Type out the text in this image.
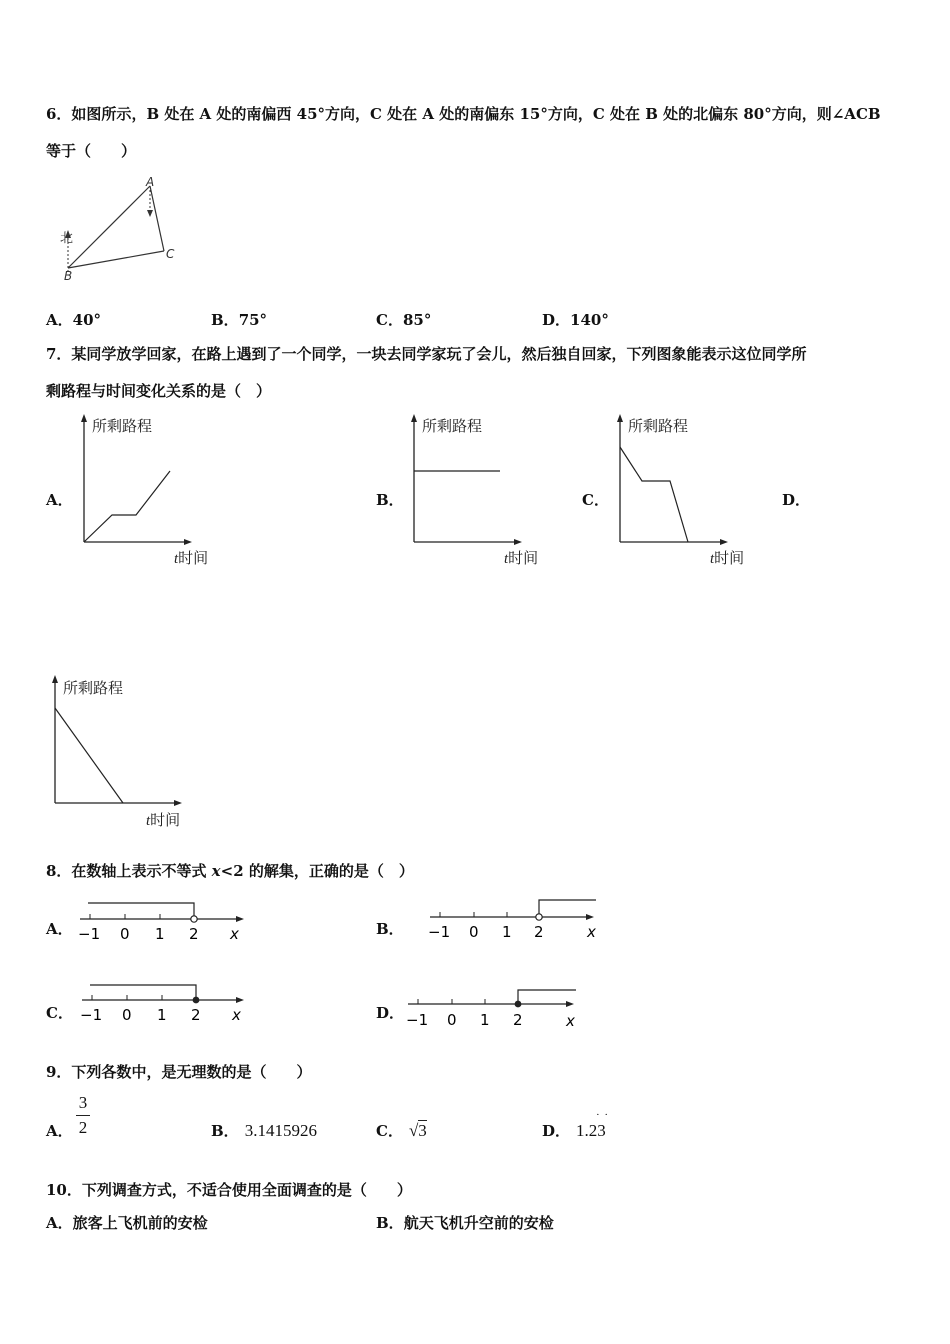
6．如图所示，B 处在 A 处的南偏西 45°方向，C 处在 A 处的南偏东 15°方向，C 处在 B 处的北偏东 80°方向，则∠ACB
等于（　　）
北
A
B
C
A．40°	B．75°	C．85°	D．140°
7．某同学放学回家，在路上遇到了一个同学，一块去同学家玩了会儿，然后独自回家，下列图象能表示这位同学所
剩路程与时间变化关系的是（　）
A．	B．	C．	D．
所剩路程
t时间
所剩路程
t时间
所剩路程
t时间
所剩路程
t时间
8．在数轴上表示不等式 x<2 的解集，正确的是（　）
A．	B．
C．	D．
−1 0 1 2 x	−1 0 1 2	x
−1 0 1 2 x	−1 0 1 2	x
9．下列各数中，是无理数的是（　　）
A．
3
2	B． 3.1415926	C． √3	D． 1.23
· ·
10．下列调查方式，不适合使用全面调查的是（　　）
A．旅客上飞机前的安检	B．航天飞机升空前的安检
